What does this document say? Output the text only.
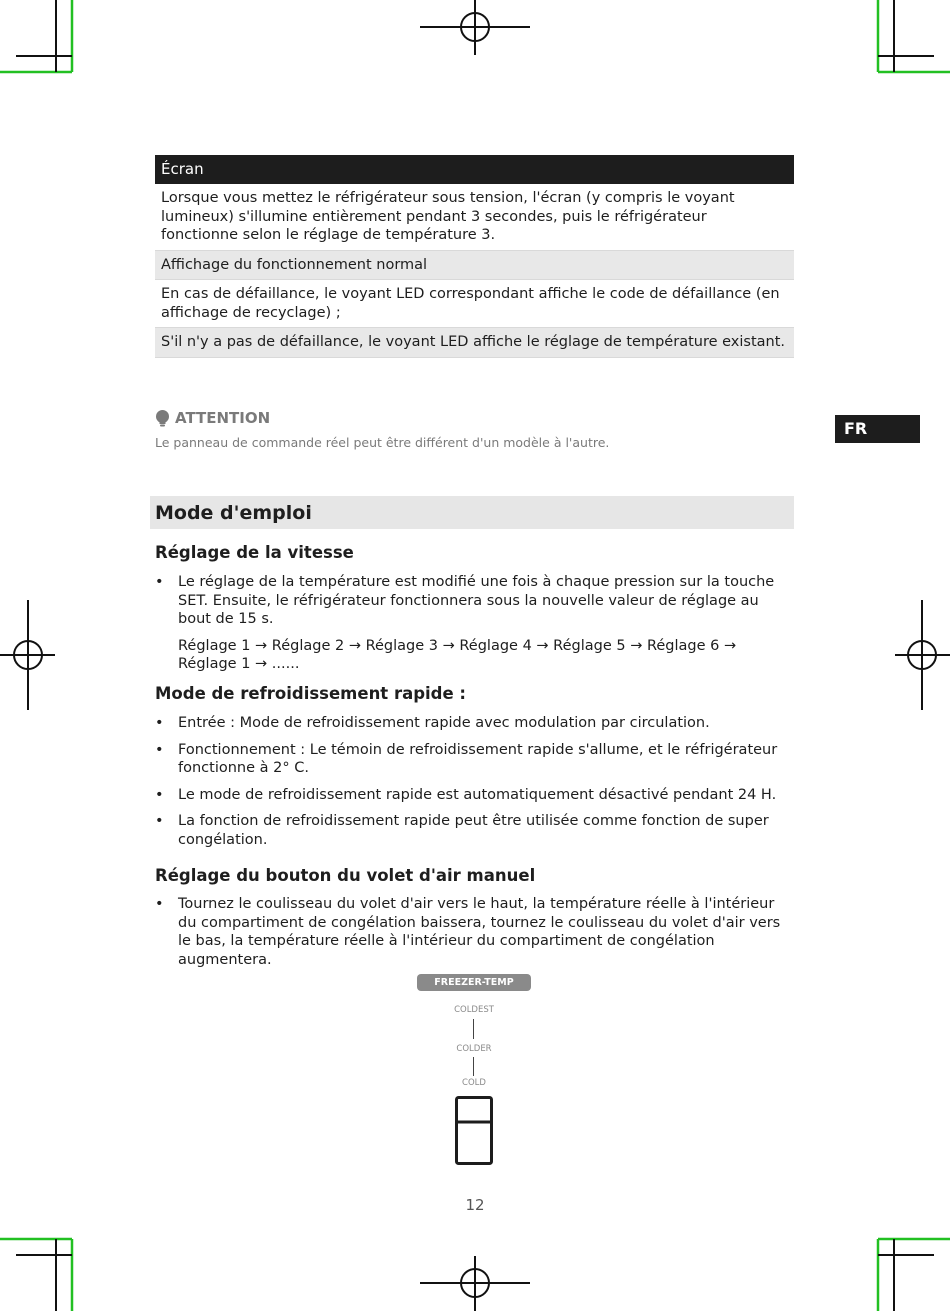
Écran
Lorsque vous mettez le réfrigérateur sous tension, l'écran (y compris le voyant lumineux) s'illumine entièrement pendant 3 secondes, puis le réfrigérateur fonctionne selon le réglage de température 3.
Affichage du fonctionnement normal
En cas de défaillance, le voyant LED correspondant affiche le code de défaillance (en affichage de recyclage) ;
S'il n'y a pas de défaillance, le voyant LED affiche le réglage de température existant.
ATTENTION
Le panneau de commande réel peut être différent d'un modèle à l'autre.
FR
Mode d'emploi
Réglage de la vitesse
• Le réglage de la température est modifié une fois à chaque pression sur la touche SET. Ensuite, le réfrigérateur fonctionnera sous la nouvelle valeur de réglage au bout de 15 s.
Réglage 1 → Réglage 2 → Réglage 3 → Réglage 4 → Réglage 5 → Réglage 6 → Réglage 1 → ......
Mode de refroidissement rapide :
• Entrée : Mode de refroidissement rapide avec modulation par circulation.
• Fonctionnement : Le témoin de refroidissement rapide s'allume, et le réfrigérateur fonctionne à 2° C.
• Le mode de refroidissement rapide est automatiquement désactivé pendant 24 H.
• La fonction de refroidissement rapide peut être utilisée comme fonction de super congélation.
Réglage du bouton du volet d'air manuel
• Tournez le coulisseau du volet d'air vers le haut, la température réelle à l'intérieur du compartiment de congélation baissera, tournez le coulisseau du volet d'air vers le bas, la température réelle à l'intérieur du compartiment de congélation augmentera.
FREEZER-TEMP
COLDEST
COLDER
COLD
12
